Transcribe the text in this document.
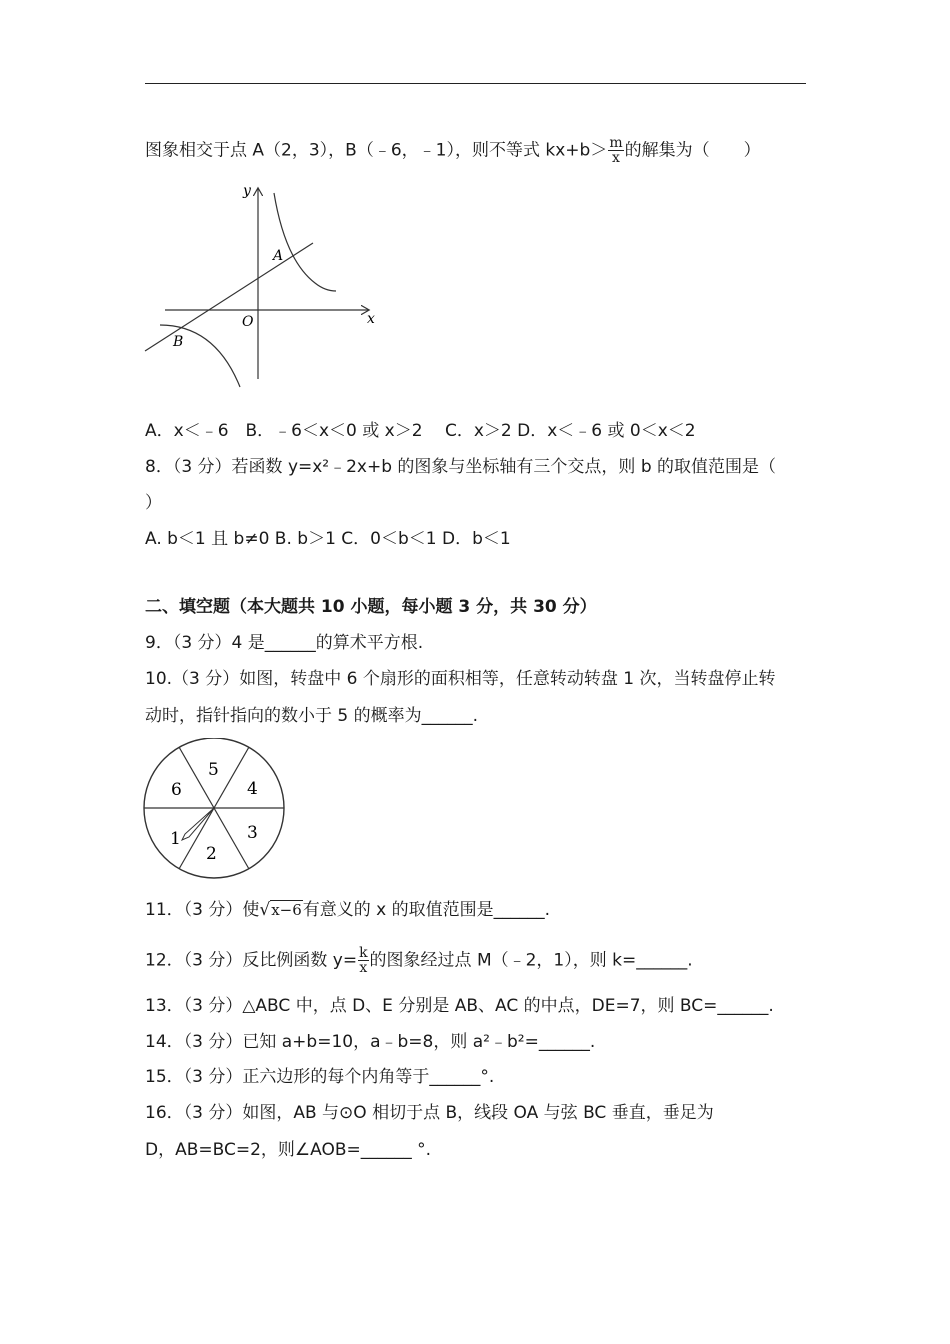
图象相交于点 A（2，3），B（﹣6，﹣1），则不等式 $kx+b> \frac{m}{x}$ 的解集为（　　）
y
x
O
A
B
A．x＜﹣6　B．﹣6＜x＜0 或 x＞2　 C．x＞2 D．x＜﹣6 或 0＜x＜2
8．（3 分）若函数 y=x²﹣2x+b 的图象与坐标轴有三个交点，则 b 的取值范围是（
）
A. b＜1 且 b≠0 B. b＞1 C．0＜b＜1 D．b＜1
二、填空题（本大题共 10 小题，每小题 3 分，共 30 分）
9．（3 分）4 是______的算术平方根.
10.（3 分）如图，转盘中 6 个扇形的面积相等，任意转动转盘 1 次，当转盘停止转
动时，指针指向的数小于 5 的概率为______.
5
4
6
3
1
2
11．（3 分）使√x−6有意义的 x 的取值范围是______.
12．（3 分）反比例函数 $y= \frac{k}{x}$ 的图象经过点 M（﹣2，1），则 k=______.
13．（3 分）△ABC 中，点 D、E 分别是 AB、AC 的中点，DE=7，则 BC=______.
14．（3 分）已知 a+b=10，a﹣b=8，则 a²﹣b²=______.
15．（3 分）正六边形的每个内角等于______°.
16．（3 分）如图，AB 与⊙O 相切于点 B，线段 OA 与弦 BC 垂直，垂足为
D，AB=BC=2，则∠AOB=______ °.
